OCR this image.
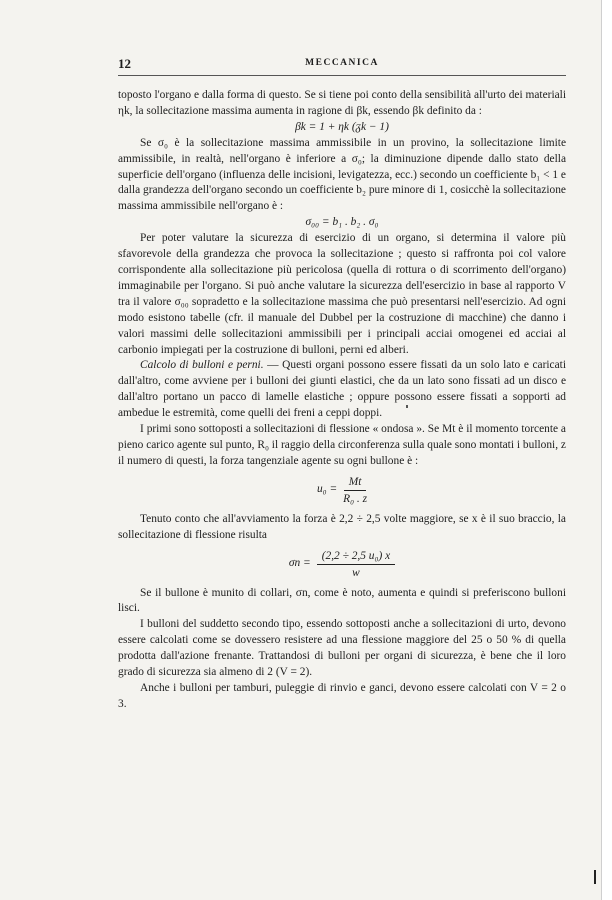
12	MECCANICA

toposto l'organo e dalla forma di questo. Se si tiene poi conto della sensibilità all'urto dei materiali ηk, la sollecitazione massima aumenta in ragione di βk, essendo βk definito da :

βk = 1 + ηk (ᵹk − 1)

Se σ₀ è la sollecitazione massima ammissibile in un provino, la sollecitazione limite ammissibile, in realtà, nell'organo è inferiore a σ₀; la diminuzione dipende dallo stato della superficie dell'organo (influenza delle incisioni, levigatezza, ecc.) secondo un coefficiente b₁ < 1 e dalla grandezza dell'organo secondo un coefficiente b₂ pure minore di 1, cosicchè la sollecitazione massima ammissibile nell'organo è :

σ₀₀ = b₁ . b₂ . σ₀

Per poter valutare la sicurezza di esercizio di un organo, si determina il valore più sfavorevole della grandezza che provoca la sollecitazione ; questo si raffronta poi col valore corrispondente alla sollecitazione più pericolosa (quella di rottura o di scorrimento dell'organo) immaginabile per l'organo. Si può anche valutare la sicurezza dell'esercizio in base al rapporto V tra il valore σ₀₀ sopradetto e la sollecitazione massima che può presentarsi nell'esercizio. Ad ogni modo esistono tabelle (cfr. il manuale del Dubbel per la costruzione di macchine) che danno i valori massimi delle sollecitazioni ammissibili per i principali acciai omogenei ed acciai al carbonio impiegati per la costruzione di bulloni, perni ed alberi.

Calcolo di bulloni e perni. — Questi organi possono essere fissati da un solo lato e caricati dall'altro, come avviene per i bulloni dei giunti elastici, che da un lato sono fissati ad un disco e dall'altro portano un pacco di lamelle elastiche ; oppure possono essere fissati a sopporti ad ambedue le estremità, come quelli dei freni a ceppi doppi.

I primi sono sottoposti a sollecitazioni di flessione « ondosa ». Se Mt è il momento torcente a pieno carico agente sul punto, R₀ il raggio della circonferenza sulla quale sono montati i bulloni, z il numero di questi, la forza tangenziale agente su ogni bullone è :

$u_0 = \frac{Mt}{\text{R₀ . z}}$

Tenuto conto che all'avviamento la forza è 2,2 ÷ 2,5 volte maggiore, se x è il suo braccio, la sollecitazione di flessione risulta

$\sigma n = \frac{\text{(2,2 ÷ 2,5 u₀) x}}{w}$

Se il bullone è munito di collari, σn, come è noto, aumenta e quindi si preferiscono bulloni lisci.

I bulloni del suddetto secondo tipo, essendo sottoposti anche a sollecitazioni di urto, devono essere calcolati come se dovessero resistere ad una flessione maggiore del 25 o 50 % di quella prodotta dall'azione frenante. Trattandosi di bulloni per organi di sicurezza, è bene che il loro grado di sicurezza sia almeno di 2 (V = 2).

Anche i bulloni per tamburi, puleggie di rinvio e ganci, devono essere calcolati con V = 2 o 3.
